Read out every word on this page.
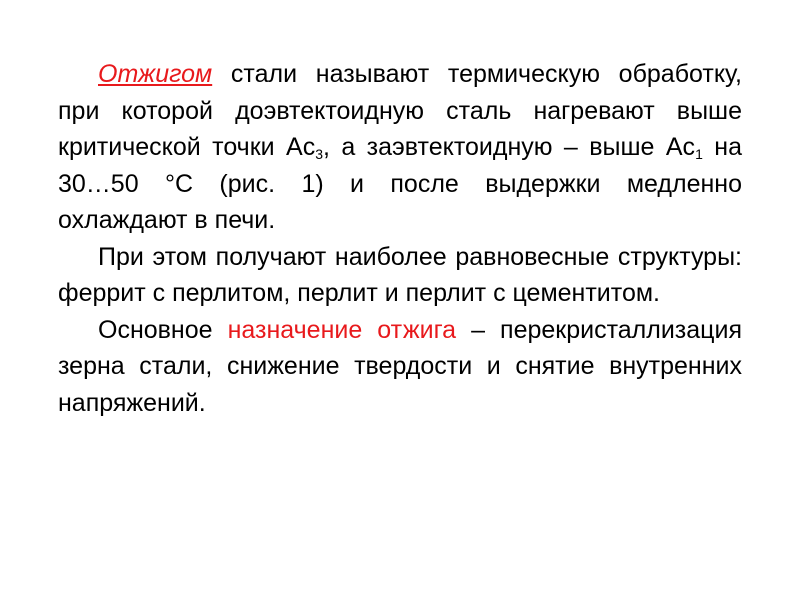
Отжигом стали называют термическую обработку, при которой доэвтектоидную сталь нагревают выше критической точки $Ас_3$, а заэвтектоидную – выше $Ас_1$ на 30…50 °С (рис. 1) и после выдержки медленно охлаждают в печи.

При этом получают наиболее равновесные структуры: феррит с перлитом, перлит и перлит с цементитом.

Основное назначение отжига – перекристаллизация зерна стали, снижение твердости и снятие внутренних напряжений.
